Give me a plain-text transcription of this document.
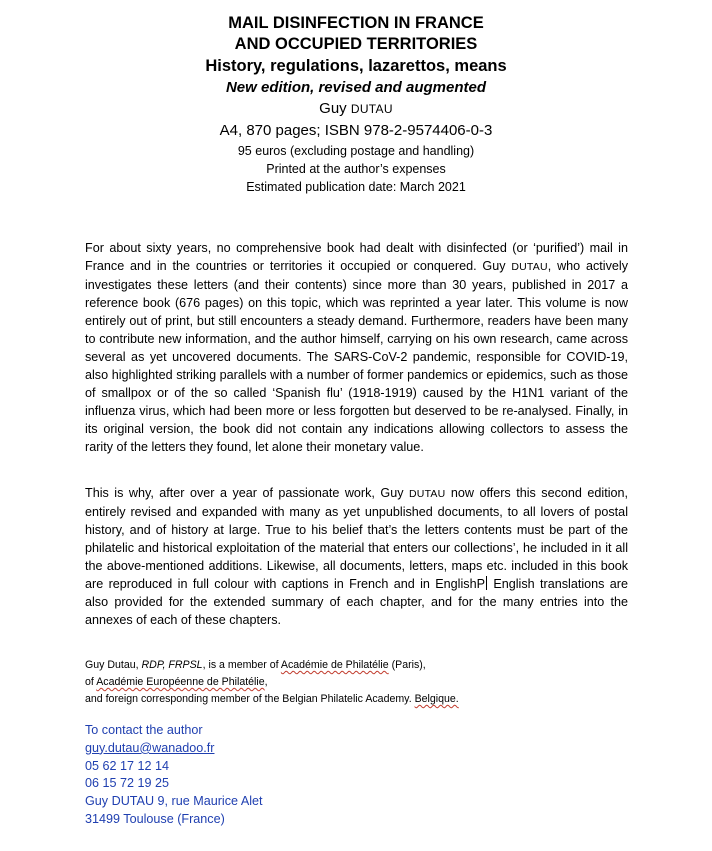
MAIL DISINFECTION IN FRANCE

AND OCCUPIED TERRITORIES

History, regulations, lazarettos, means

New edition, revised and augmented

Guy DUTAU

A4, 870 pages; ISBN 978-2-9574406-0-3

95 euros (excluding postage and handling)

Printed at the author’s expenses

Estimated publication date: March 2021

For about sixty years, no comprehensive book had dealt with disinfected (or ‘purified’) mail in France and in the countries or territories it occupied or conquered. Guy DUTAU, who actively investigates these letters (and their contents) since more than 30 years, published in 2017 a reference book (676 pages) on this topic, which was reprinted a year later. This volume is now entirely out of print, but still encounters a steady demand. Furthermore, readers have been many to contribute new information, and the author himself, carrying on his own research, came across several as yet uncovered documents. The SARS-CoV-2 pandemic, responsible for COVID-19, also highlighted striking parallels with a number of former pandemics or epidemics, such as those of smallpox or of the so called ‘Spanish flu’ (1918-1919) caused by the H1N1 variant of the influenza virus, which had been more or less forgotten but deserved to be re-analysed. Finally, in its original version, the book did not contain any indications allowing collectors to assess the rarity of the letters they found, let alone their monetary value.

This is why, after over a year of passionate work, Guy DUTAU now offers this second edition, entirely revised and expanded with many as yet unpublished documents, to all lovers of postal history, and of history at large. True to his belief that’s the letters contents must be part of the philatelic and historical exploitation of the material that enters our collections’, he included in it all the above-mentioned additions. Likewise, all documents, letters, maps etc. included in this book are reproduced in full colour with captions in French and in EnglishP English translations are also provided for the extended summary of each chapter, and for the many entries into the annexes of each of these chapters.

Guy Dutau, RDP, FRPSL, is a member of Académie de Philatélie (Paris),
of Académie Européenne de Philatélie,
and foreign corresponding member of the Belgian Philatelic Academy. Belgique.

To contact the author
guy.dutau@wanadoo.fr
05 62 17 12 14
06 15 72 19 25
Guy DUTAU 9, rue Maurice Alet
31499 Toulouse (France)
